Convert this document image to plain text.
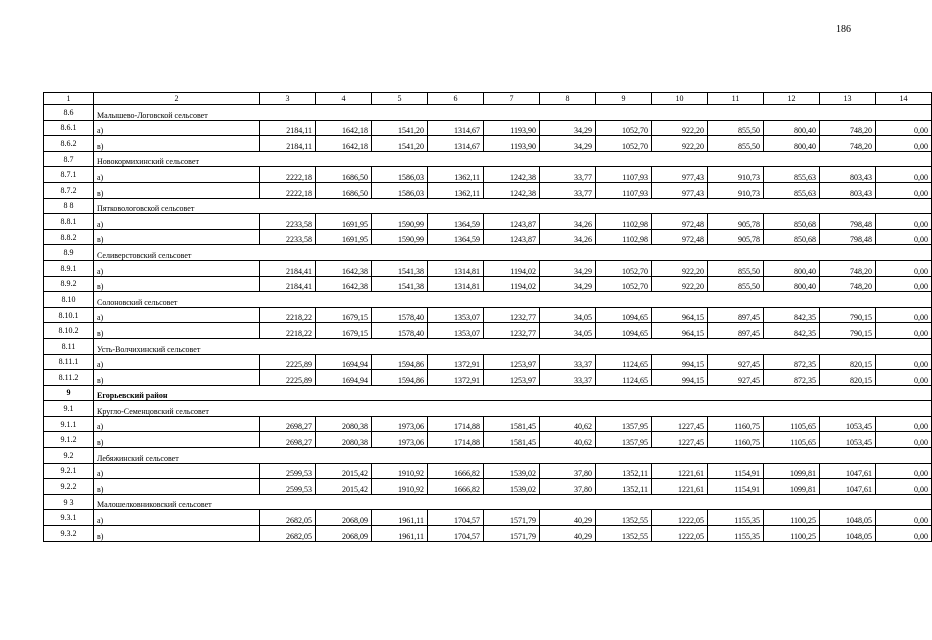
186
1	2	3	4	5	6	7	8	9	10	11	12	13	14
8.6	Малышево-Логовской сельсовет												
8.6.1	а)	2184,11	1642,18	1541,20	1314,67	1193,90	34,29	1052,70	922,20	855,50	800,40	748,20	0,00
8.6.2	в)	2184,11	1642,18	1541,20	1314,67	1193,90	34,29	1052,70	922,20	855,50	800,40	748,20	0,00
8.7	Новокормихинский сельсовет												
8.7.1	а)	2222,18	1686,50	1586,03	1362,11	1242,38	33,77	1107,93	977,43	910,73	855,63	803,43	0,00
8.7.2	в)	2222,18	1686,50	1586,03	1362,11	1242,38	33,77	1107,93	977,43	910,73	855,63	803,43	0,00
8 8	Пятковологовской сельсовет												
8.8.1	а)	2233,58	1691,95	1590,99	1364,59	1243,87	34,26	1102,98	972,48	905,78	850,68	798,48	0,00
8.8.2	в)	2233,58	1691,95	1590,99	1364,59	1243,87	34,26	1102,98	972,48	905,78	850,68	798,48	0,00
8.9	Селиверстовский сельсовет												
8.9.1	а)	2184,41	1642,38	1541,38	1314,81	1194,02	34,29	1052,70	922,20	855,50	800,40	748,20	0,00
8.9.2	в)	2184,41	1642,38	1541,38	1314,81	1194,02	34,29	1052,70	922,20	855,50	800,40	748,20	0,00
8.10	Солоновский сельсовет												
8.10.1	а)	2218,22	1679,15	1578,40	1353,07	1232,77	34,05	1094,65	964,15	897,45	842,35	790,15	0,00
8.10.2	в)	2218,22	1679,15	1578,40	1353,07	1232,77	34,05	1094,65	964,15	897,45	842,35	790,15	0,00
8.11	Усть-Волчихинский сельсовет												
8.11.1	а)	2225,89	1694,94	1594,86	1372,91	1253,97	33,37	1124,65	994,15	927,45	872,35	820,15	0,00
8.11.2	в)	2225,89	1694,94	1594,86	1372,91	1253,97	33,37	1124,65	994,15	927,45	872,35	820,15	0,00
9	Егорьевский район												
9.1	Круглo-Семенцовский сельсовет												
9.1.1	а)	2698,27	2080,38	1973,06	1714,88	1581,45	40,62	1357,95	1227,45	1160,75	1105,65	1053,45	0,00
9.1.2	в)	2698,27	2080,38	1973,06	1714,88	1581,45	40,62	1357,95	1227,45	1160,75	1105,65	1053,45	0,00
9.2	Лебяжинский сельсовет												
9.2.1	а)	2599,53	2015,42	1910,92	1666,82	1539,02	37,80	1352,11	1221,61	1154,91	1099,81	1047,61	0,00
9.2.2	в)	2599,53	2015,42	1910,92	1666,82	1539,02	37,80	1352,11	1221,61	1154,91	1099,81	1047,61	0,00
9 3	Малошелковниковский сельсовет												
9.3.1	а)	2682,05	2068,09	1961,11	1704,57	1571,79	40,29	1352,55	1222,05	1155,35	1100,25	1048,05	0,00
9.3.2	в)	2682,05	2068,09	1961,11	1704,57	1571,79	40,29	1352,55	1222,05	1155,35	1100,25	1048,05	0,00
